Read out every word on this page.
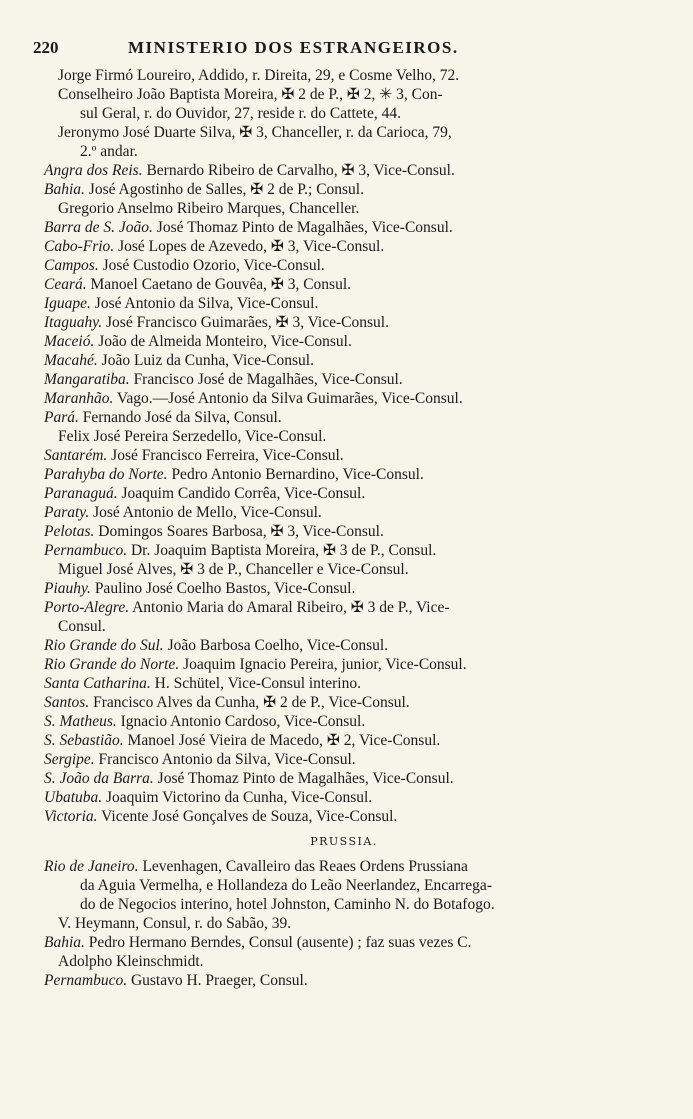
220	MINISTERIO DOS ESTRANGEIROS.
Jorge Firmó Loureiro, Addido, r. Direita, 29, e Cosme Velho, 72.
Conselheiro João Baptista Moreira, ✠ 2 de P., ✠ 2, ✳ 3, Con-
sul Geral, r. do Ouvidor, 27, reside r. do Cattete, 44.
Jeronymo José Duarte Silva, ✠ 3, Chanceller, r. da Carioca, 79,
2.º andar.
Angra dos Reis. Bernardo Ribeiro de Carvalho, ✠ 3, Vice-Consul.
Bahia. José Agostinho de Salles, ✠ 2 de P.; Consul.
Gregorio Anselmo Ribeiro Marques, Chanceller.
Barra de S. João. José Thomaz Pinto de Magalhães, Vice-Consul.
Cabo-Frio. José Lopes de Azevedo, ✠ 3, Vice-Consul.
Campos. José Custodio Ozorio, Vice-Consul.
Ceará. Manoel Caetano de Gouvêa, ✠ 3, Consul.
Iguape. José Antonio da Silva, Vice-Consul.
Itaguahy. José Francisco Guimarães, ✠ 3, Vice-Consul.
Maceió. João de Almeida Monteiro, Vice-Consul.
Macahé. João Luiz da Cunha, Vice-Consul.
Mangaratiba. Francisco José de Magalhães, Vice-Consul.
Maranhão. Vago.—José Antonio da Silva Guimarães, Vice-Consul.
Pará. Fernando José da Silva, Consul.
Felix José Pereira Serzedello, Vice-Consul.
Santarém. José Francisco Ferreira, Vice-Consul.
Parahyba do Norte. Pedro Antonio Bernardino, Vice-Consul.
Paranaguá. Joaquim Candido Corrêa, Vice-Consul.
Paraty. José Antonio de Mello, Vice-Consul.
Pelotas. Domingos Soares Barbosa, ✠ 3, Vice-Consul.
Pernambuco. Dr. Joaquim Baptista Moreira, ✠ 3 de P., Consul.
Miguel José Alves, ✠ 3 de P., Chanceller e Vice-Consul.
Piauhy. Paulino José Coelho Bastos, Vice-Consul.
Porto-Alegre. Antonio Maria do Amaral Ribeiro, ✠ 3 de P., Vice-
Consul.
Rio Grande do Sul. João Barbosa Coelho, Vice-Consul.
Rio Grande do Norte. Joaquim Ignacio Pereira, junior, Vice-Consul.
Santa Catharina. H. Schütel, Vice-Consul interino.
Santos. Francisco Alves da Cunha, ✠ 2 de P., Vice-Consul.
S. Matheus. Ignacio Antonio Cardoso, Vice-Consul.
S. Sebastião. Manoel José Vieira de Macedo, ✠ 2, Vice-Consul.
Sergipe. Francisco Antonio da Silva, Vice-Consul.
S. João da Barra. José Thomaz Pinto de Magalhães, Vice-Consul.
Ubatuba. Joaquim Victorino da Cunha, Vice-Consul.
Victoria. Vicente José Gonçalves de Souza, Vice-Consul.
PRUSSIA.
Rio de Janeiro. Levenhagen, Cavalleiro das Reaes Ordens Prussiana
da Aguia Vermelha, e Hollandeza do Leão Neerlandez, Encarrega-
do de Negocios interino, hotel Johnston, Caminho N. do Botafogo.
V. Heymann, Consul, r. do Sabão, 39.
Bahia. Pedro Hermano Berndes, Consul (ausente) ; faz suas vezes C.
Adolpho Kleinschmidt.
Pernambuco. Gustavo H. Praeger, Consul.
